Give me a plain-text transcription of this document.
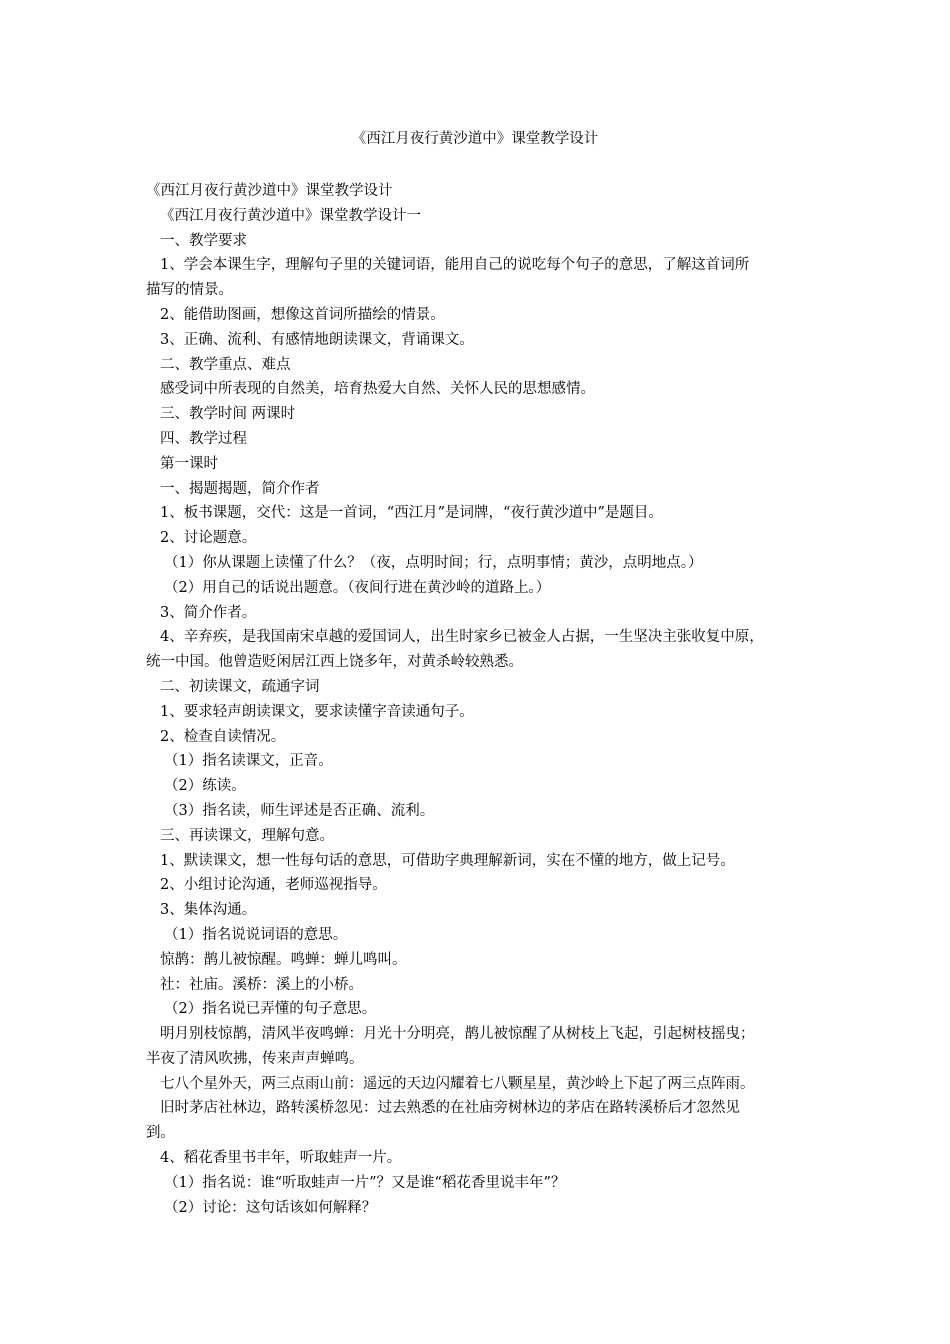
《西江月夜行黄沙道中》课堂教学设计
《西江月夜行黄沙道中》课堂教学设计
《西江月夜行黄沙道中》课堂教学设计一
一、教学要求
1、学会本课生字，理解句子里的关键词语，能用自己的说吃每个句子的意思，了解这首词所
描写的情景。
2、能借助图画，想像这首词所描绘的情景。
3、正确、流利、有感情地朗读课文，背诵课文。
二、教学重点、难点
感受词中所表现的自然美，培育热爱大自然、关怀人民的思想感情。
三、教学时间 两课时
四、教学过程
第一课时
一、揭题揭题，简介作者
1、板书课题，交代：这是一首词，“西江月”是词牌，“夜行黄沙道中”是题目。
2、讨论题意。
（1）你从课题上读懂了什么？（夜，点明时间；行，点明事情；黄沙，点明地点。）
（2）用自己的话说出题意。（夜间行进在黄沙岭的道路上。）
3、简介作者。
4、辛弃疾，是我国南宋卓越的爱国词人，出生时家乡已被金人占据，一生坚决主张收复中原，
统一中国。他曾造贬闲居江西上饶多年，对黄杀岭较熟悉。
二、初读课文，疏通字词
1、要求轻声朗读课文，要求读懂字音读通句子。
2、检查自读情况。
（1）指名读课文，正音。
（2）练读。
（3）指名读，师生评述是否正确、流利。
三、再读课文，理解句意。
1、默读课文，想一性每句话的意思，可借助字典理解新词，实在不懂的地方，做上记号。
2、小组讨论沟通，老师巡视指导。
3、集体沟通。
（1）指名说说词语的意思。
惊鹊：鹊儿被惊醒。鸣蝉：蝉儿鸣叫。
社：社庙。溪桥：溪上的小桥。
（2）指名说已弄懂的句子意思。
明月别枝惊鹊，清风半夜鸣蝉：月光十分明亮，鹊儿被惊醒了从树枝上飞起，引起树枝摇曳；
半夜了清风吹拂，传来声声蝉鸣。
七八个星外天，两三点雨山前：遥远的天边闪耀着七八颗星星，黄沙岭上下起了两三点阵雨。
旧时茅店社林边，路转溪桥忽见：过去熟悉的在社庙旁树林边的茅店在路转溪桥后才忽然见
到。
4、稻花香里书丰年，听取蛙声一片。
（1）指名说：谁“听取蛙声一片”？又是谁“稻花香里说丰年”？
（2）讨论：这句话该如何解释？
